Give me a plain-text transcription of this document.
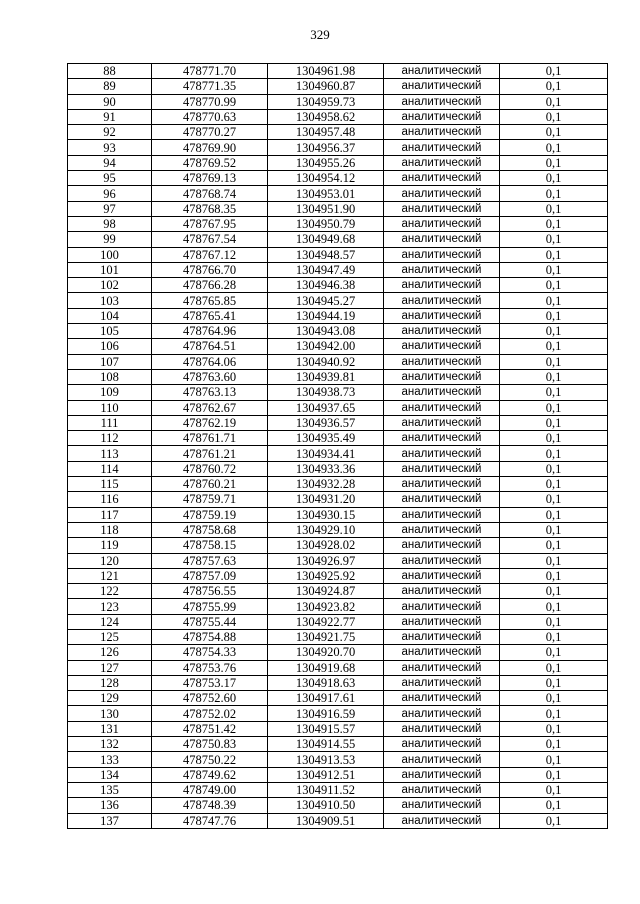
329
88	478771.70	1304961.98	аналитический	0,1
89	478771.35	1304960.87	аналитический	0,1
90	478770.99	1304959.73	аналитический	0,1
91	478770.63	1304958.62	аналитический	0,1
92	478770.27	1304957.48	аналитический	0,1
93	478769.90	1304956.37	аналитический	0,1
94	478769.52	1304955.26	аналитический	0,1
95	478769.13	1304954.12	аналитический	0,1
96	478768.74	1304953.01	аналитический	0,1
97	478768.35	1304951.90	аналитический	0,1
98	478767.95	1304950.79	аналитический	0,1
99	478767.54	1304949.68	аналитический	0,1
100	478767.12	1304948.57	аналитический	0,1
101	478766.70	1304947.49	аналитический	0,1
102	478766.28	1304946.38	аналитический	0,1
103	478765.85	1304945.27	аналитический	0,1
104	478765.41	1304944.19	аналитический	0,1
105	478764.96	1304943.08	аналитический	0,1
106	478764.51	1304942.00	аналитический	0,1
107	478764.06	1304940.92	аналитический	0,1
108	478763.60	1304939.81	аналитический	0,1
109	478763.13	1304938.73	аналитический	0,1
110	478762.67	1304937.65	аналитический	0,1
111	478762.19	1304936.57	аналитический	0,1
112	478761.71	1304935.49	аналитический	0,1
113	478761.21	1304934.41	аналитический	0,1
114	478760.72	1304933.36	аналитический	0,1
115	478760.21	1304932.28	аналитический	0,1
116	478759.71	1304931.20	аналитический	0,1
117	478759.19	1304930.15	аналитический	0,1
118	478758.68	1304929.10	аналитический	0,1
119	478758.15	1304928.02	аналитический	0,1
120	478757.63	1304926.97	аналитический	0,1
121	478757.09	1304925.92	аналитический	0,1
122	478756.55	1304924.87	аналитический	0,1
123	478755.99	1304923.82	аналитический	0,1
124	478755.44	1304922.77	аналитический	0,1
125	478754.88	1304921.75	аналитический	0,1
126	478754.33	1304920.70	аналитический	0,1
127	478753.76	1304919.68	аналитический	0,1
128	478753.17	1304918.63	аналитический	0,1
129	478752.60	1304917.61	аналитический	0,1
130	478752.02	1304916.59	аналитический	0,1
131	478751.42	1304915.57	аналитический	0,1
132	478750.83	1304914.55	аналитический	0,1
133	478750.22	1304913.53	аналитический	0,1
134	478749.62	1304912.51	аналитический	0,1
135	478749.00	1304911.52	аналитический	0,1
136	478748.39	1304910.50	аналитический	0,1
137	478747.76	1304909.51	аналитический	0,1
